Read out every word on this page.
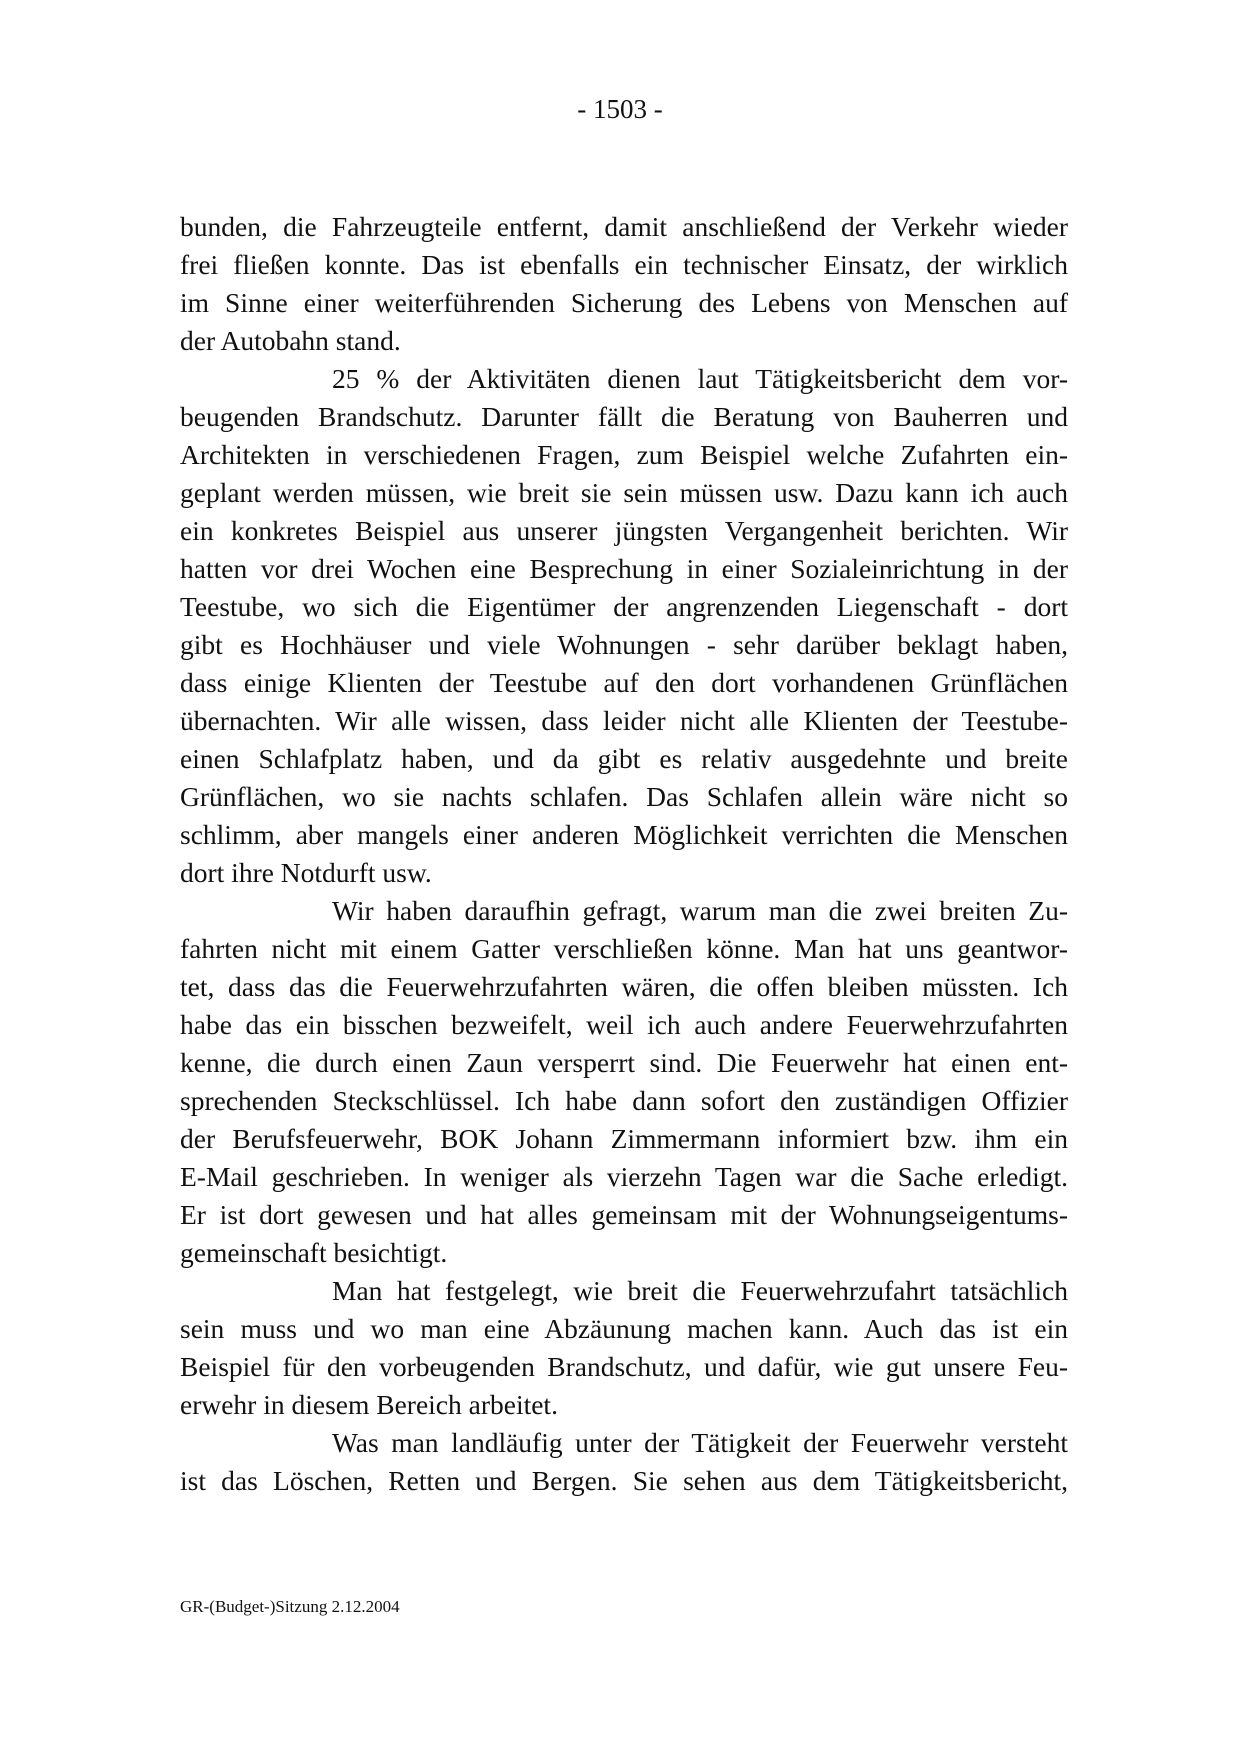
- 1503 -
bunden, die Fahrzeugteile entfernt, damit anschließend der Verkehr wieder
frei fließen konnte. Das ist ebenfalls ein technischer Einsatz, der wirklich
im Sinne einer weiterführenden Sicherung des Lebens von Menschen auf
der Autobahn stand.
25 % der Aktivitäten dienen laut Tätigkeitsbericht dem vor-
beugenden Brandschutz. Darunter fällt die Beratung von Bauherren und
Architekten in verschiedenen Fragen, zum Beispiel welche Zufahrten ein-
geplant werden müssen, wie breit sie sein müssen usw. Dazu kann ich auch
ein konkretes Beispiel aus unserer jüngsten Vergangenheit berichten. Wir
hatten vor drei Wochen eine Besprechung in einer Sozialeinrichtung in der
Teestube, wo sich die Eigentümer der angrenzenden Liegenschaft - dort
gibt es Hochhäuser und viele Wohnungen - sehr darüber beklagt haben,
dass einige Klienten der Teestube auf den dort vorhandenen Grünflächen
übernachten. Wir alle wissen, dass leider nicht alle Klienten der Teestube-
einen Schlafplatz haben, und da gibt es relativ ausgedehnte und breite
Grünflächen, wo sie nachts schlafen. Das Schlafen allein wäre nicht so
schlimm, aber mangels einer anderen Möglichkeit verrichten die Menschen
dort ihre Notdurft usw.
Wir haben daraufhin gefragt, warum man die zwei breiten Zu-
fahrten nicht mit einem Gatter verschließen könne. Man hat uns geantwor-
tet, dass das die Feuerwehrzufahrten wären, die offen bleiben müssten. Ich
habe das ein bisschen bezweifelt, weil ich auch andere Feuerwehrzufahrten
kenne, die durch einen Zaun versperrt sind. Die Feuerwehr hat einen ent-
sprechenden Steckschlüssel. Ich habe dann sofort den zuständigen Offizier
der Berufsfeuerwehr, BOK Johann Zimmermann informiert bzw. ihm ein
E-Mail geschrieben. In weniger als vierzehn Tagen war die Sache erledigt.
Er ist dort gewesen und hat alles gemeinsam mit der Wohnungseigentums-
gemeinschaft besichtigt.
Man hat festgelegt, wie breit die Feuerwehrzufahrt tatsächlich
sein muss und wo man eine Abzäunung machen kann. Auch das ist ein
Beispiel für den vorbeugenden Brandschutz, und dafür, wie gut unsere Feu-
erwehr in diesem Bereich arbeitet.
Was man landläufig unter der Tätigkeit der Feuerwehr versteht
ist das Löschen, Retten und Bergen. Sie sehen aus dem Tätigkeitsbericht,
GR-(Budget-)Sitzung 2.12.2004
